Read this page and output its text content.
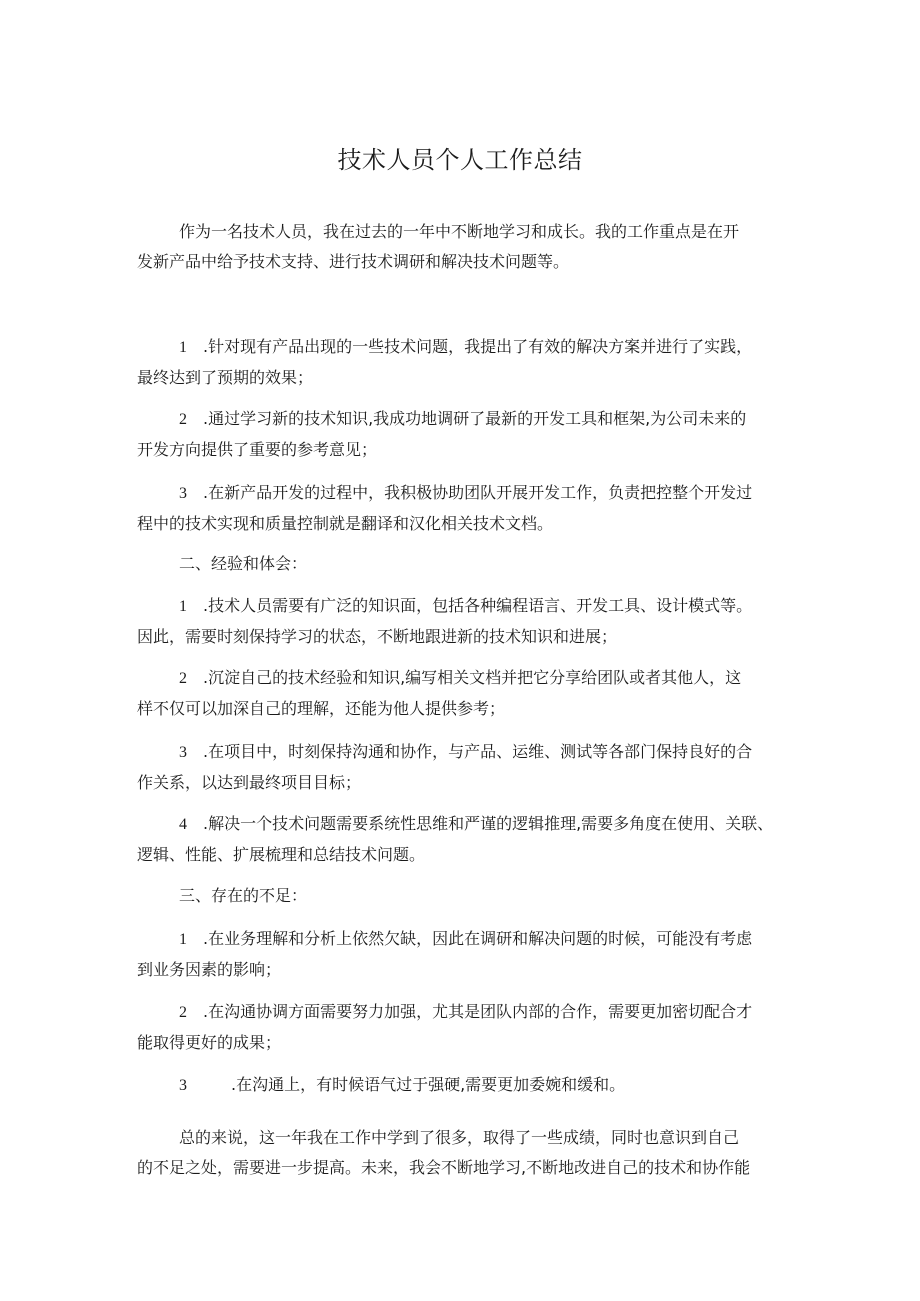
技术人员个人工作总结
作为一名技术人员，我在过去的一年中不断地学习和成长。我的工作重点是在开
发新产品中给予技术支持、进行技术调研和解决技术问题等。
1 .针对现有产品出现的一些技术问题，我提出了有效的解决方案并进行了实践，
最终达到了预期的效果；
2 .通过学习新的技术知识,我成功地调研了最新的开发工具和框架,为公司未来的
开发方向提供了重要的参考意见；
3 .在新产品开发的过程中，我积极协助团队开展开发工作，负责把控整个开发过
程中的技术实现和质量控制就是翻译和汉化相关技术文档。
二、经验和体会：
1 .技术人员需要有广泛的知识面，包括各种编程语言、开发工具、设计模式等。
因此，需要时刻保持学习的状态，不断地跟进新的技术知识和进展；
2 .沉淀自己的技术经验和知识,编写相关文档并把它分享给团队或者其他人，这
样不仅可以加深自己的理解，还能为他人提供参考；
3 .在项目中，时刻保持沟通和协作，与产品、运维、测试等各部门保持良好的合
作关系，以达到最终项目目标；
4 .解决一个技术问题需要系统性思维和严谨的逻辑推理,需要多角度在使用、关联、
逻辑、性能、扩展梳理和总结技术问题。
三、存在的不足：
1 .在业务理解和分析上依然欠缺，因此在调研和解决问题的时候，可能没有考虑
到业务因素的影响；
2 .在沟通协调方面需要努力加强，尤其是团队内部的合作，需要更加密切配合才
能取得更好的成果；
3	.在沟通上，有时候语气过于强硬,需要更加委婉和缓和。
总的来说，这一年我在工作中学到了很多，取得了一些成绩，同时也意识到自己
的不足之处，需要进一步提高。未来，我会不断地学习,不断地改进自己的技术和协作能
